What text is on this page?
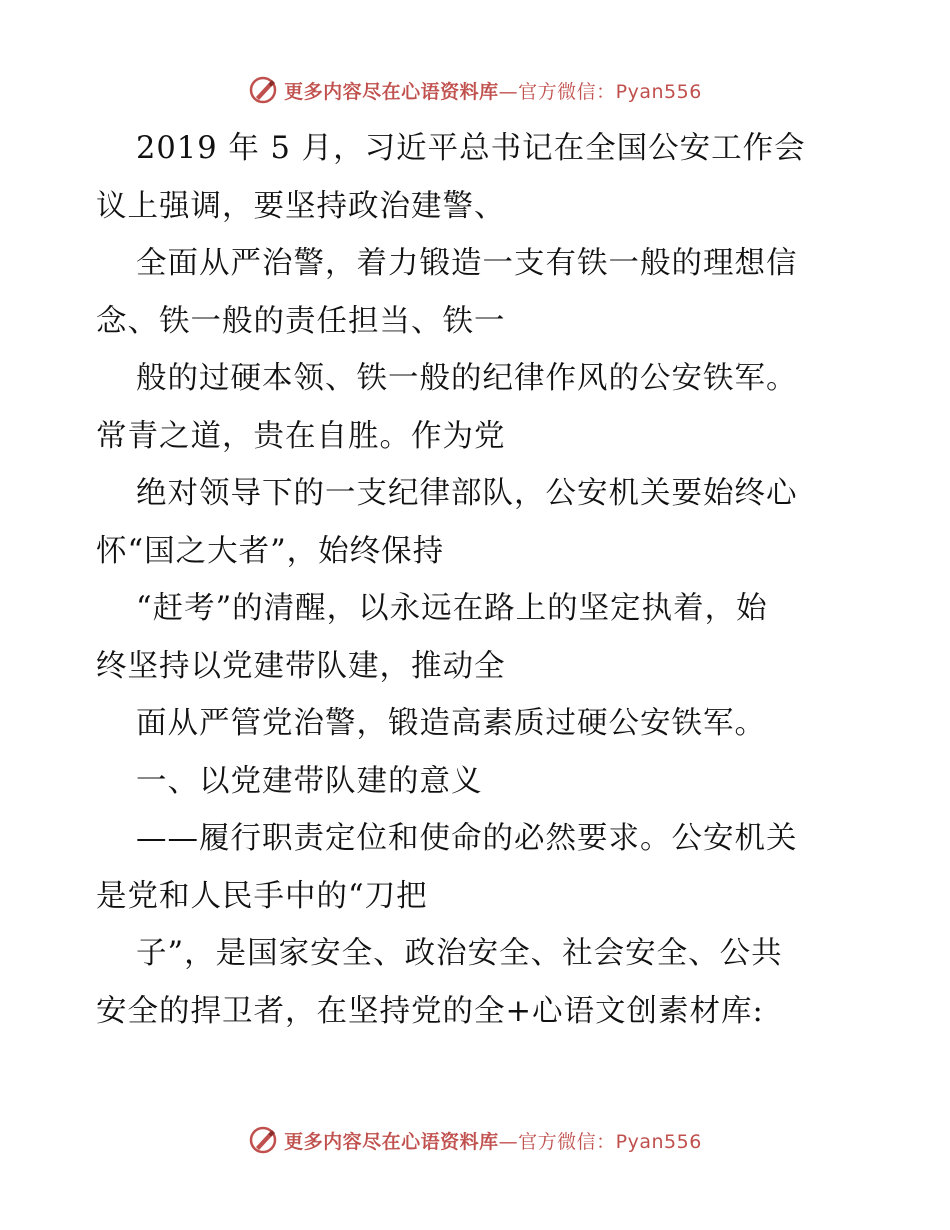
更多内容尽在心语资料库—官方微信：Pyan556
2019 年 5 月，习近平总书记在全国公安工作会
议上强调，要坚持政治建警、
全面从严治警，着力锻造一支有铁一般的理想信
念、铁一般的责任担当、铁一
般的过硬本领、铁一般的纪律作风的公安铁军。
常青之道，贵在自胜。作为党
绝对领导下的一支纪律部队，公安机关要始终心
怀“国之大者”，始终保持
“赶考”的清醒，以永远在路上的坚定执着，始
终坚持以党建带队建，推动全
面从严管党治警，锻造高素质过硬公安铁军。
一、以党建带队建的意义
——履行职责定位和使命的必然要求。公安机关
是党和人民手中的“刀把
子”，是国家安全、政治安全、社会安全、公共
安全的捍卫者，在坚持党的全+心语文创素材库:
更多内容尽在心语资料库—官方微信：Pyan556
